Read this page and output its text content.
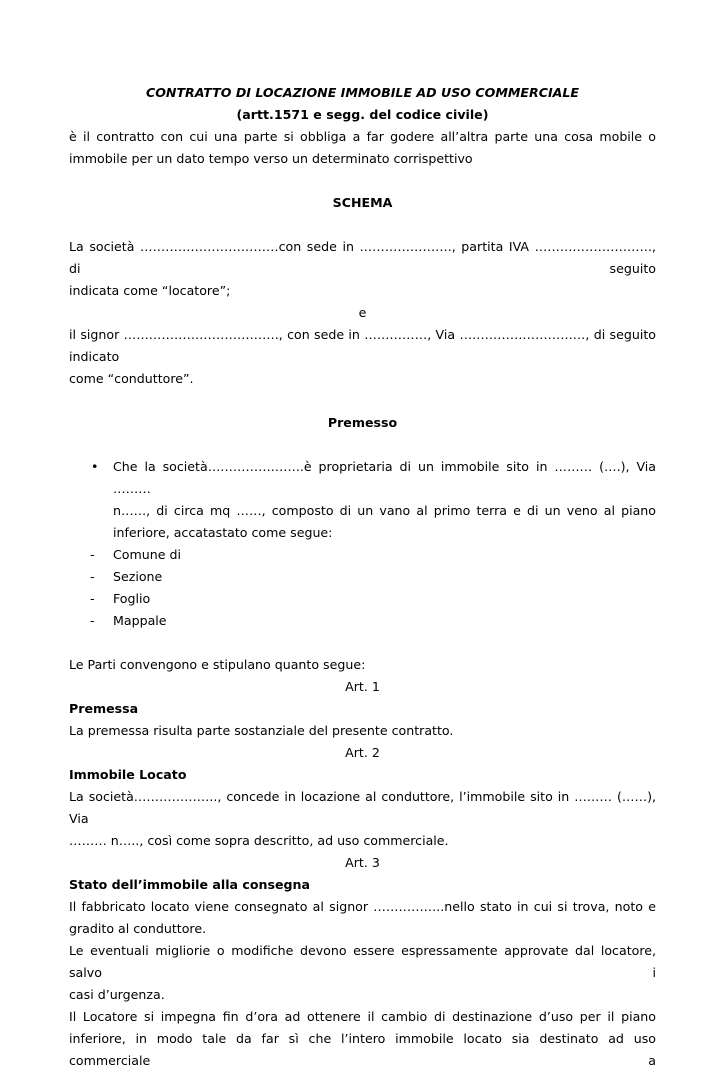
CONTRATTO DI LOCAZIONE IMMOBILE AD USO COMMERCIALE
(artt.1571 e segg. del codice civile)
è il contratto con cui una parte si obbliga a far godere all’altra parte una cosa mobile o
immobile per un dato tempo verso un determinato corrispettivo
SCHEMA
La società ……………………………con sede in …………………., partita IVA ………………………., di seguito
indicata come “locatore”;
e
il signor ………………………………., con sede in ……………, Via …………………………, di seguito indicato
come “conduttore”.
Premesso
• Che la società…………………..è proprietaria di un immobile sito in ……… (….), Via ………
n……, di circa mq ……, composto di un vano al primo terra e di un veno al piano
inferiore, accatastato come segue:
- Comune di
- Sezione
- Foglio
- Mappale
Le Parti convengono e stipulano quanto segue:
Art. 1
Premessa
La premessa risulta parte sostanziale del presente contratto.
Art. 2
Immobile Locato
La società……………….., concede in locazione al conduttore, l’immobile sito in ……… (……), Via
……… n….., così come sopra descritto, ad uso commerciale.
Art. 3
Stato dell’immobile alla consegna
Il fabbricato locato viene consegnato al signor ……………..nello stato in cui si trova, noto e
gradito al conduttore.
Le eventuali migliorie o modifiche devono essere espressamente approvate dal locatore, salvo i
casi d’urgenza.
Il Locatore si impegna fin d’ora ad ottenere il cambio di destinazione d’uso per il piano
inferiore, in modo tale da far sì che l’intero immobile locato sia destinato ad uso commerciale a
